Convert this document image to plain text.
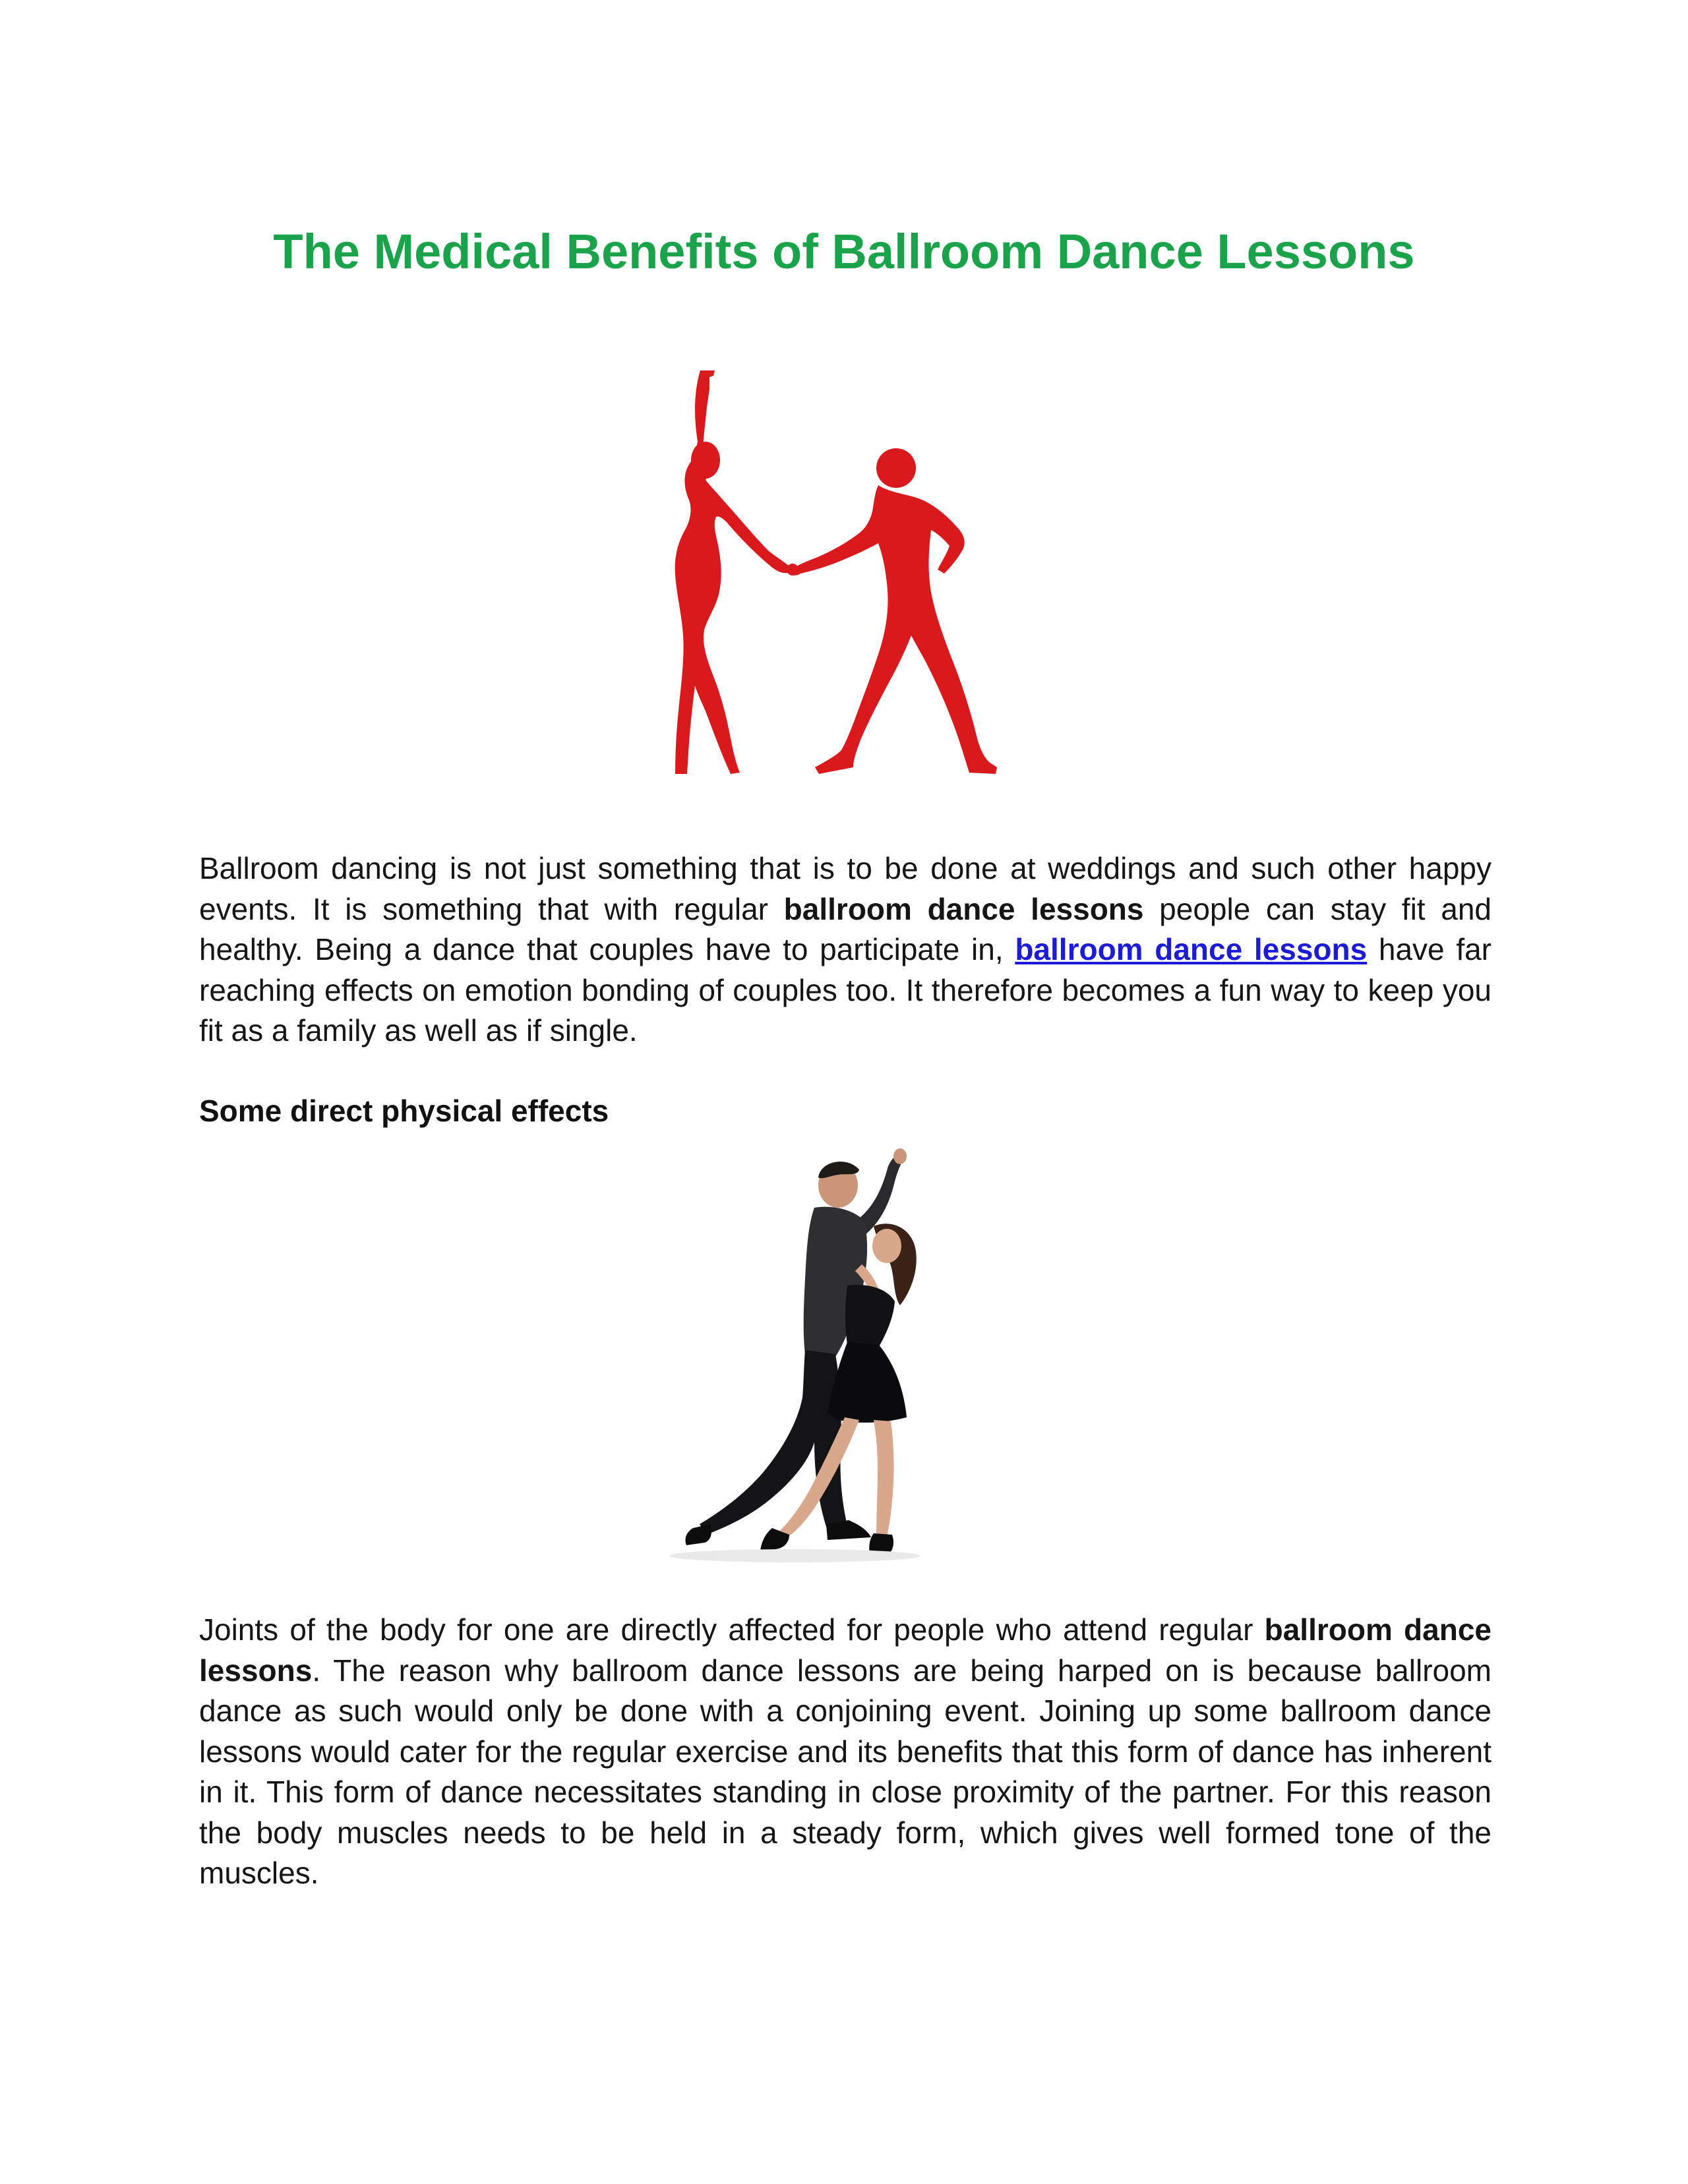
The Medical Benefits of Ballroom Dance Lessons

Ballroom dancing is not just something that is to be done at weddings and such other happy events. It is something that with regular ballroom dance lessons people can stay fit and healthy. Being a dance that couples have to participate in, ballroom dance lessons have far reaching effects on emotion bonding of couples too. It therefore becomes a fun way to keep you fit as a family as well as if single.

Some direct physical effects

Joints of the body for one are directly affected for people who attend regular ballroom dance lessons. The reason why ballroom dance lessons are being harped on is because ballroom dance as such would only be done with a conjoining event. Joining up some ballroom dance lessons would cater for the regular exercise and its benefits that this form of dance has inherent in it. This form of dance necessitates standing in close proximity of the partner. For this reason the body muscles needs to be held in a steady form, which gives well formed tone of the muscles.
